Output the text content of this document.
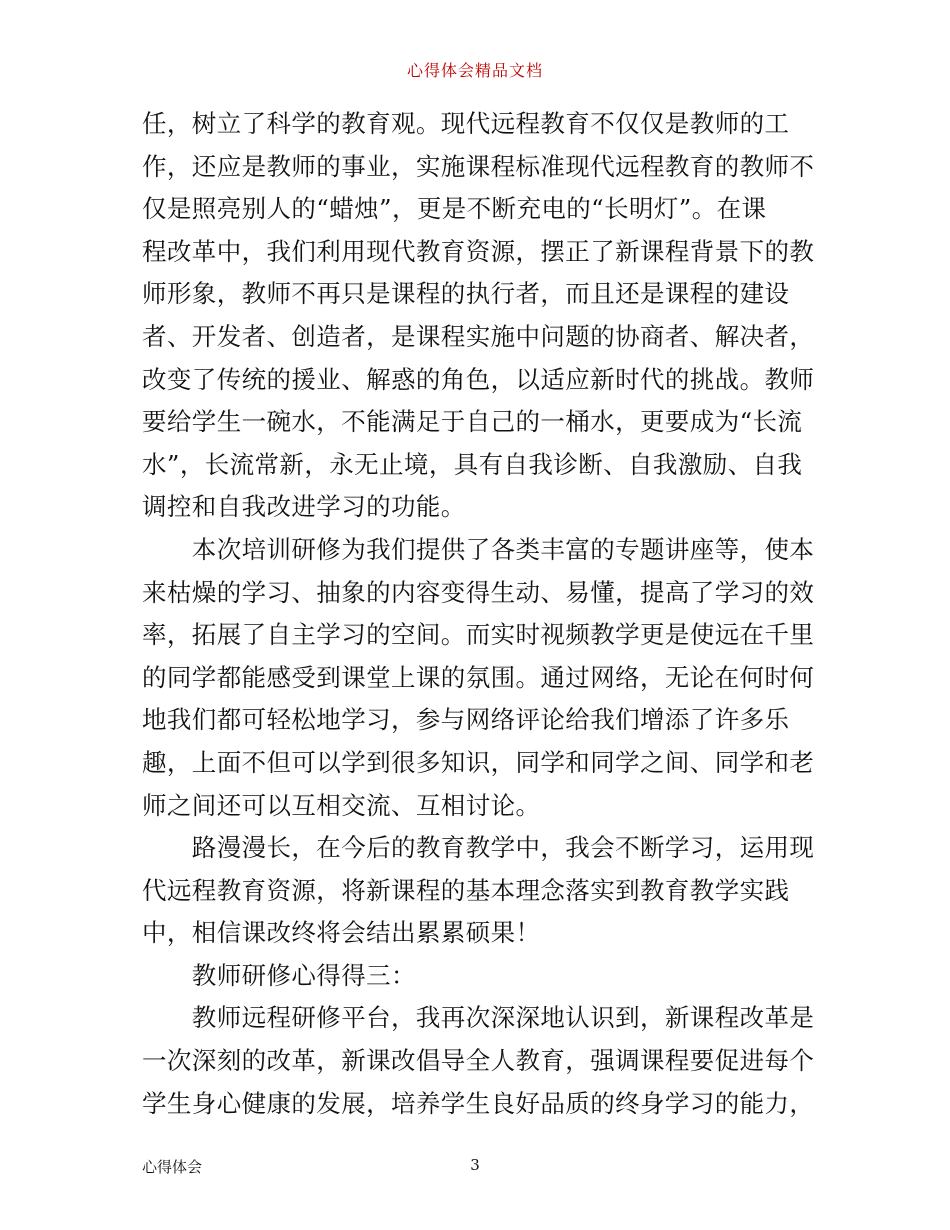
心得体会精品文档
任，树立了科学的教育观。现代远程教育不仅仅是教师的工
作，还应是教师的事业，实施课程标准现代远程教育的教师不
仅是照亮别人的“蜡烛”，更是不断充电的“长明灯”。在课
程改革中，我们利用现代教育资源，摆正了新课程背景下的教
师形象，教师不再只是课程的执行者，而且还是课程的建设
者、开发者、创造者，是课程实施中问题的协商者、解决者，
改变了传统的援业、解惑的角色，以适应新时代的挑战。教师
要给学生一碗水，不能满足于自己的一桶水，更要成为“长流
水”，长流常新，永无止境，具有自我诊断、自我激励、自我
调控和自我改进学习的功能。
　　本次培训研修为我们提供了各类丰富的专题讲座等，使本
来枯燥的学习、抽象的内容变得生动、易懂，提高了学习的效
率，拓展了自主学习的空间。而实时视频教学更是使远在千里
的同学都能感受到课堂上课的氛围。通过网络，无论在何时何
地我们都可轻松地学习，参与网络评论给我们增添了许多乐
趣，上面不但可以学到很多知识，同学和同学之间、同学和老
师之间还可以互相交流、互相讨论。
　　路漫漫长，在今后的教育教学中，我会不断学习，运用现
代远程教育资源，将新课程的基本理念落实到教育教学实践
中，相信课改终将会结出累累硕果！
　　教师研修心得得三：
　　教师远程研修平台，我再次深深地认识到，新课程改革是
一次深刻的改革，新课改倡导全人教育，强调课程要促进每个
学生身心健康的发展，培养学生良好品质的终身学习的能力，
心得体会	3
